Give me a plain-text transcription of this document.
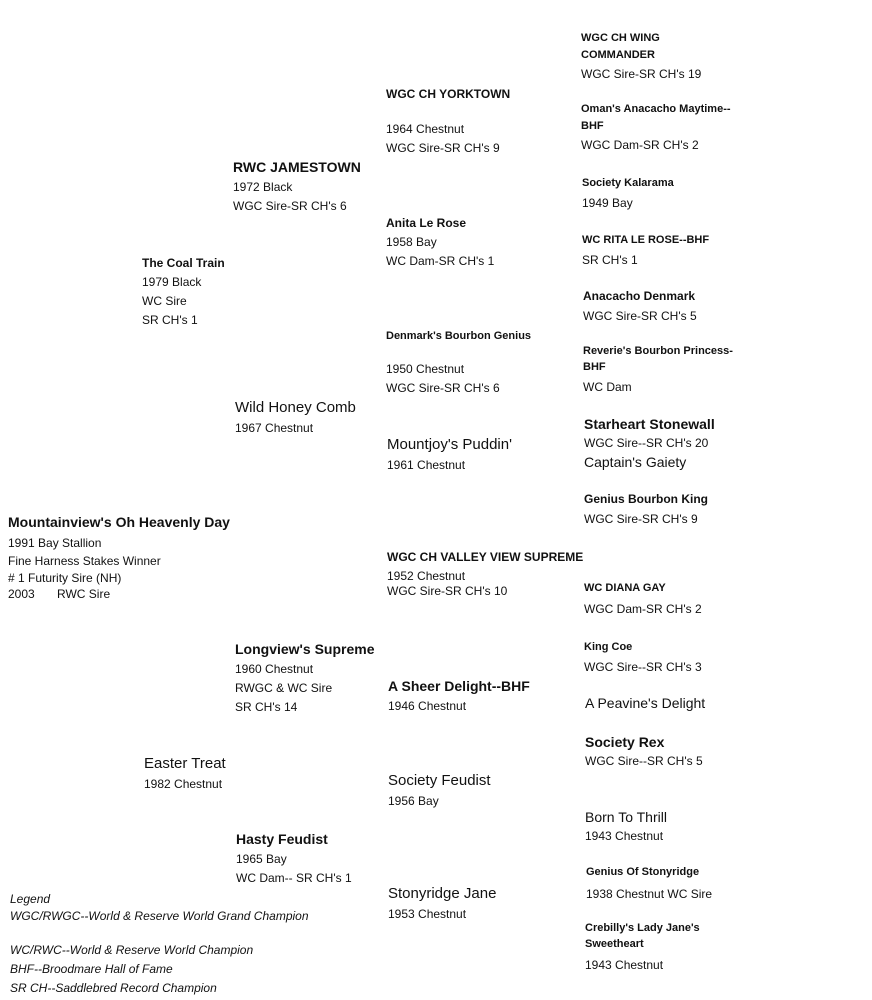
Mountainview's Oh Heavenly Day
1991 Bay Stallion
Fine Harness Stakes Winner
# 1 Futurity Sire (NH)
2003 RWC Sire
The Coal Train
1979 Black
WC Sire
SR CH's 1
Easter Treat
1982 Chestnut
RWC JAMESTOWN
1972 Black
WGC Sire-SR CH's 6
Wild Honey Comb
1967 Chestnut
Longview's Supreme
1960 Chestnut
RWGC & WC Sire
SR CH's 14
Hasty Feudist
1965 Bay
WC Dam-- SR CH's 1
WGC CH YORKTOWN
1964 Chestnut
WGC Sire-SR CH's 9
Anita Le Rose
1958 Bay
WC Dam-SR CH's 1
Denmark's Bourbon Genius
1950 Chestnut
WGC Sire-SR CH's 6
Mountjoy's Puddin'
1961 Chestnut
WGC CH VALLEY VIEW SUPREME
1952 Chestnut
WGC Sire-SR CH's 10
A Sheer Delight--BHF
1946 Chestnut
Society Feudist
1956 Bay
Stonyridge Jane
1953 Chestnut
WGC CH WING
COMMANDER
WGC Sire-SR CH's 19
Oman's Anacacho Maytime--
BHF
WGC Dam-SR CH's 2
Society Kalarama
1949 Bay
WC RITA LE ROSE--BHF
SR CH's 1
Anacacho Denmark
WGC Sire-SR CH's 5
Reverie's Bourbon Princess-
BHF
WC Dam
Starheart Stonewall
WGC Sire--SR CH's 20
Captain's Gaiety
Genius Bourbon King
WGC Sire-SR CH's 9
WC DIANA GAY
WGC Dam-SR CH's 2
King Coe
WGC Sire--SR CH's 3
A Peavine's Delight
Society Rex
WGC Sire--SR CH's 5
Born To Thrill
1943 Chestnut
Genius Of Stonyridge
1938 Chestnut WC Sire
Crebilly's Lady Jane's
Sweetheart
1943 Chestnut
Legend
WGC/RWGC--World & Reserve World Grand Champion
WC/RWC--World & Reserve World Champion
BHF--Broodmare Hall of Fame
SR CH--Saddlebred Record Champion
